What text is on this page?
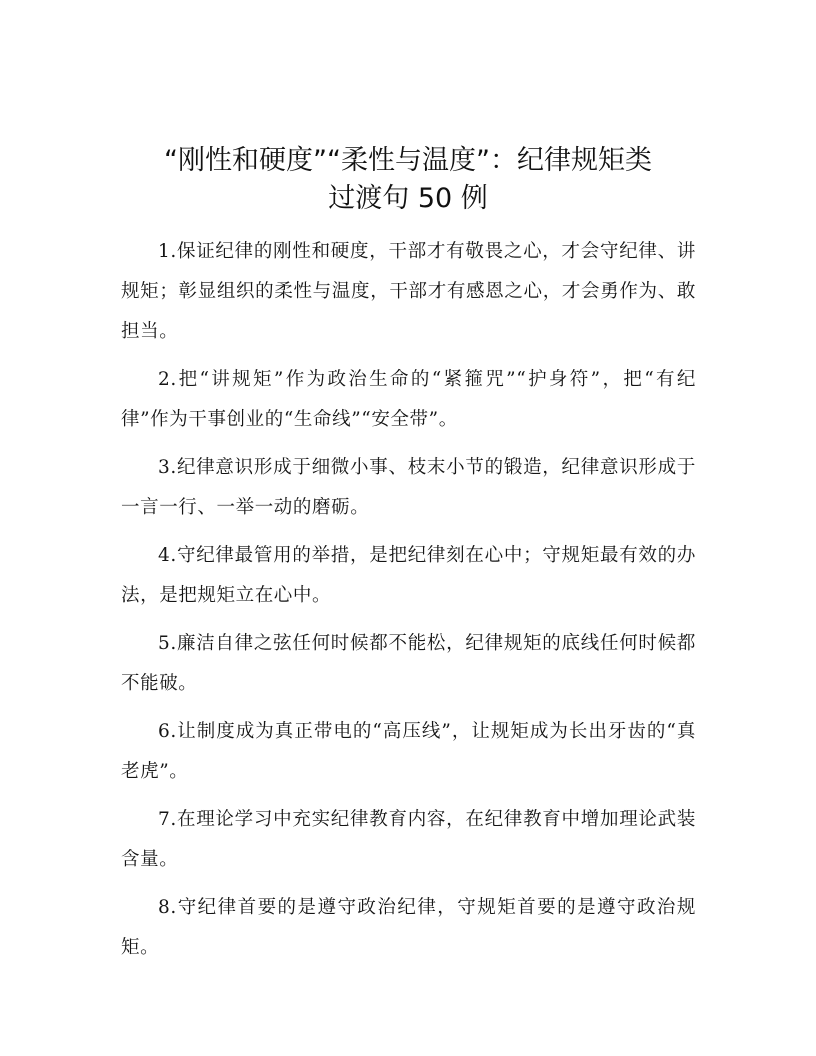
“刚性和硬度”“柔性与温度”：纪律规矩类
过渡句 50 例

1.保证纪律的刚性和硬度，干部才有敬畏之心，才会守纪律、讲规矩；彰显组织的柔性与温度，干部才有感恩之心，才会勇作为、敢担当。

2.把“讲规矩”作为政治生命的“紧箍咒”“护身符”，把“有纪律”作为干事创业的“生命线”“安全带”。

3.纪律意识形成于细微小事、枝末小节的锻造，纪律意识形成于一言一行、一举一动的磨砺。

4.守纪律最管用的举措，是把纪律刻在心中；守规矩最有效的办法，是把规矩立在心中。

5.廉洁自律之弦任何时候都不能松，纪律规矩的底线任何时候都不能破。

6.让制度成为真正带电的“高压线”，让规矩成为长出牙齿的“真老虎”。

7.在理论学习中充实纪律教育内容，在纪律教育中增加理论武装含量。

8.守纪律首要的是遵守政治纪律，守规矩首要的是遵守政治规矩。
